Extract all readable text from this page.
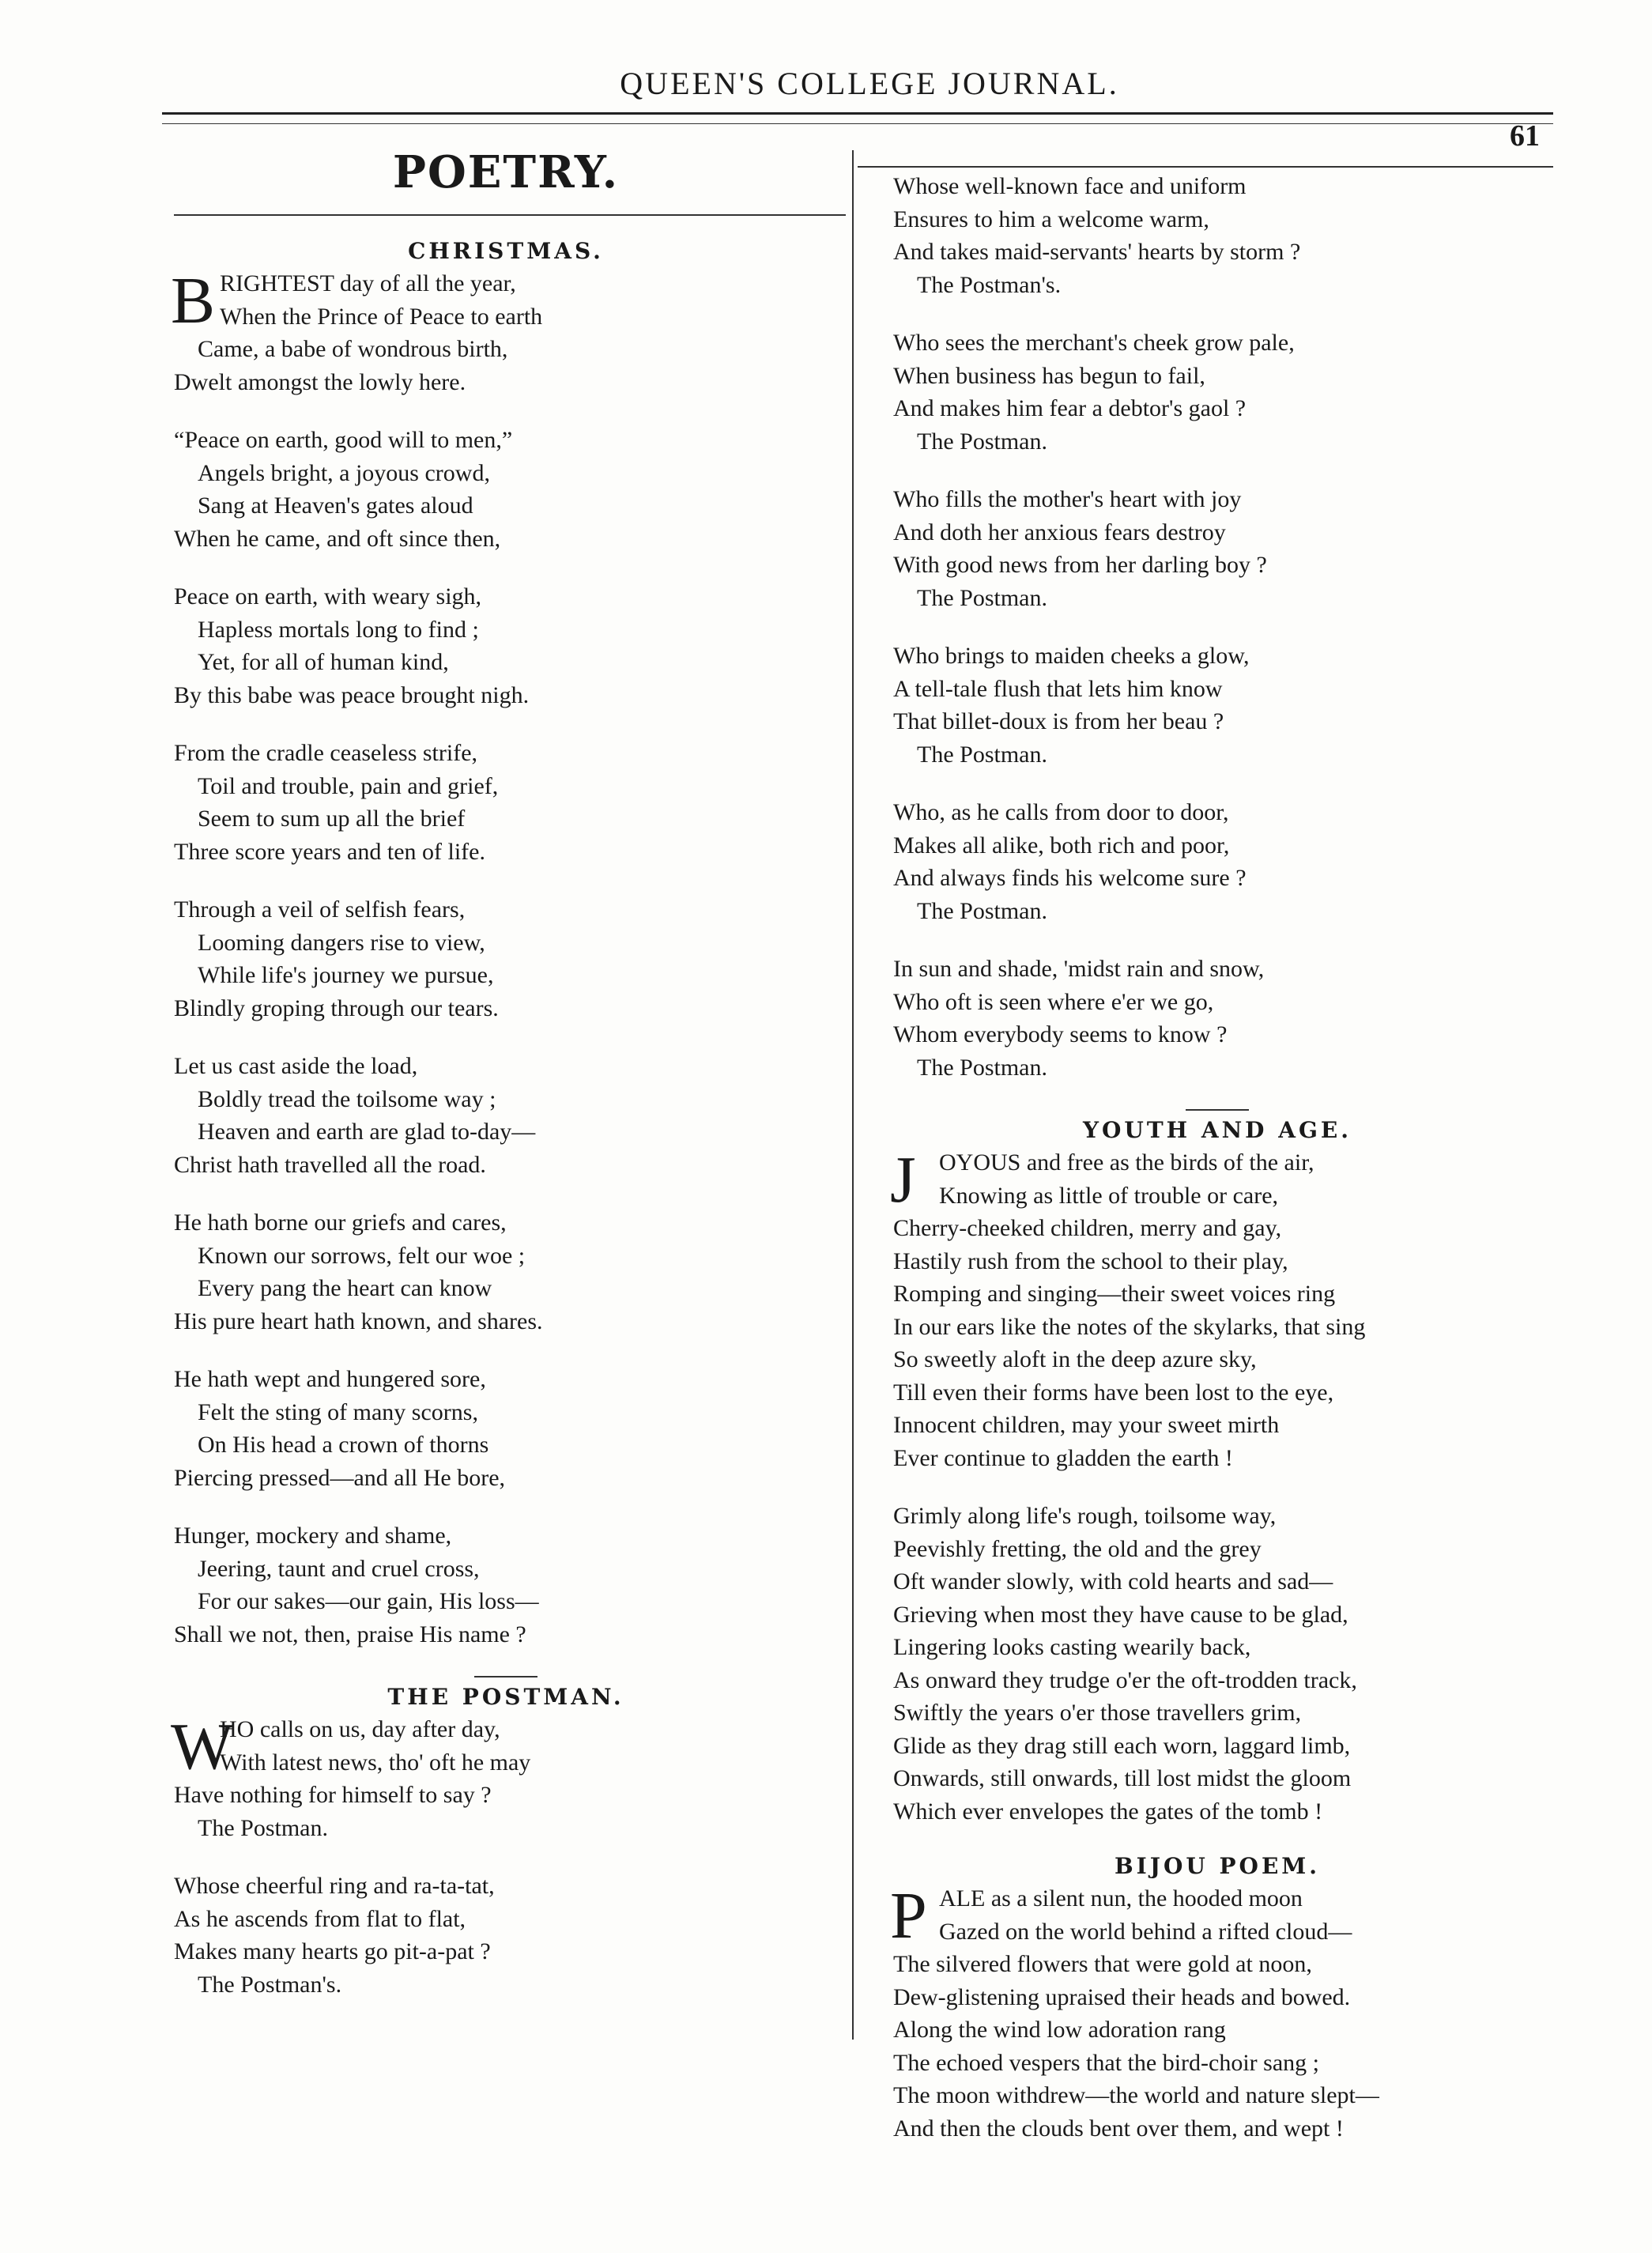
QUEEN'S COLLEGE JOURNAL.
61
POETRY.
CHRISTMAS.
B RIGHTEST day of all the year,
When the Prince of Peace to earth
Came, a babe of wondrous birth,
Dwelt amongst the lowly here.
“Peace on earth, good will to men,”
Angels bright, a joyous crowd,
Sang at Heaven's gates aloud
When he came, and oft since then,
Peace on earth, with weary sigh,
Hapless mortals long to find ;
Yet, for all of human kind,
By this babe was peace brought nigh.
From the cradle ceaseless strife,
Toil and trouble, pain and grief,
Seem to sum up all the brief
Three score years and ten of life.
Through a veil of selfish fears,
Looming dangers rise to view,
While life's journey we pursue,
Blindly groping through our tears.
Let us cast aside the load,
Boldly tread the toilsome way ;
Heaven and earth are glad to-day—
Christ hath travelled all the road.
He hath borne our griefs and cares,
Known our sorrows, felt our woe ;
Every pang the heart can know
His pure heart hath known, and shares.
He hath wept and hungered sore,
Felt the sting of many scorns,
On His head a crown of thorns
Piercing pressed—and all He bore,
Hunger, mockery and shame,
Jeering, taunt and cruel cross,
For our sakes—our gain, His loss—
Shall we not, then, praise His name ?
THE POSTMAN.
W
HO calls on us, day after day,
With latest news, tho' oft he may
Have nothing for himself to say ?
The Postman.
Whose cheerful ring and ra-ta-tat,
As he ascends from flat to flat,
Makes many hearts go pit-a-pat ?
The Postman's.
Whose well-known face and uniform
Ensures to him a welcome warm,
And takes maid-servants' hearts by storm ?
The Postman's.
Who sees the merchant's cheek grow pale,
When business has begun to fail,
And makes him fear a debtor's gaol ?
The Postman.
Who fills the mother's heart with joy
And doth her anxious fears destroy
With good news from her darling boy ?
The Postman.
Who brings to maiden cheeks a glow,
A tell-tale flush that lets him know
That billet-doux is from her beau ?
The Postman.
Who, as he calls from door to door,
Makes all alike, both rich and poor,
And always finds his welcome sure ?
The Postman.
In sun and shade, 'midst rain and snow,
Who oft is seen where e'er we go,
Whom everybody seems to know ?
The Postman.
YOUTH AND AGE.
J OYOUS and free as the birds of the air,
Knowing as little of trouble or care,
Cherry-cheeked children, merry and gay,
Hastily rush from the school to their play,
Romping and singing—their sweet voices ring
In our ears like the notes of the skylarks, that sing
So sweetly aloft in the deep azure sky,
Till even their forms have been lost to the eye,
Innocent children, may your sweet mirth
Ever continue to gladden the earth !
Grimly along life's rough, toilsome way,
Peevishly fretting, the old and the grey
Oft wander slowly, with cold hearts and sad—
Grieving when most they have cause to be glad,
Lingering looks casting wearily back,
As onward they trudge o'er the oft-trodden track,
Swiftly the years o'er those travellers grim,
Glide as they drag still each worn, laggard limb,
Onwards, still onwards, till lost midst the gloom
Which ever envelopes the gates of the tomb !
BIJOU POEM.
P ALE as a silent nun, the hooded moon
Gazed on the world behind a rifted cloud—
The silvered flowers that were gold at noon,
Dew-glistening upraised their heads and bowed.
Along the wind low adoration rang
The echoed vespers that the bird-choir sang ;
The moon withdrew—the world and nature slept—
And then the clouds bent over them, and wept !
